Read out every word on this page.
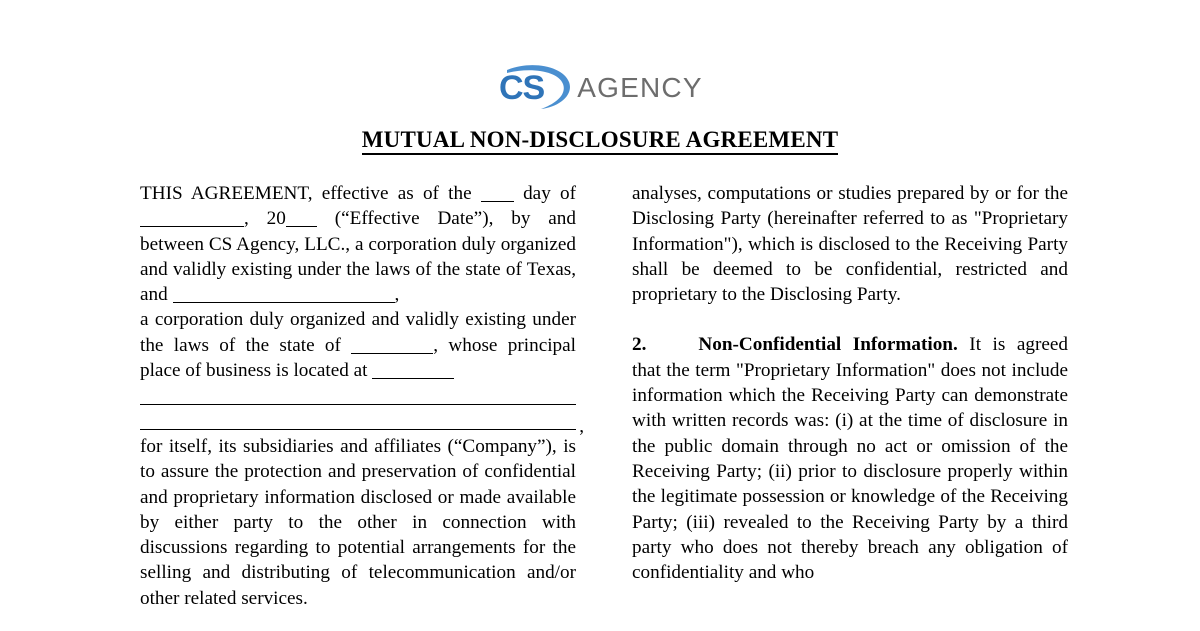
CS AGENCY
MUTUAL NON-DISCLOSURE AGREEMENT

THIS AGREEMENT, effective as of the  day of , 20 (“Effective Date”), by and between CS Agency, LLC., a corporation duly organized and validly existing under the laws of the state of Texas, and	,

a corporation duly organized and validly existing under the laws of the state of	, whose principal place of business is located at

,

for itself, its subsidiaries and affiliates (“Company”), is to assure the protection and preservation of confidential and proprietary information disclosed or made available by either party to the other in connection with discussions regarding to potential arrangements for the selling and distributing of telecommunication and/or other related services.

analyses, computations or studies prepared by or for the Disclosing Party (hereinafter referred to as "Proprietary Information"), which is disclosed to the Receiving Party shall be deemed to be confidential, restricted and proprietary to the Disclosing Party.

2.	Non-Confidential Information. It is agreed that the term "Proprietary Information" does not include information which the Receiving Party can demonstrate with written records was: (i) at the time of disclosure in the public domain through no act or omission of the Receiving Party; (ii) prior to disclosure properly within the legitimate possession or knowledge of the Receiving Party; (iii) revealed to the Receiving Party by a third party who does not thereby breach any obligation of confidentiality and who
